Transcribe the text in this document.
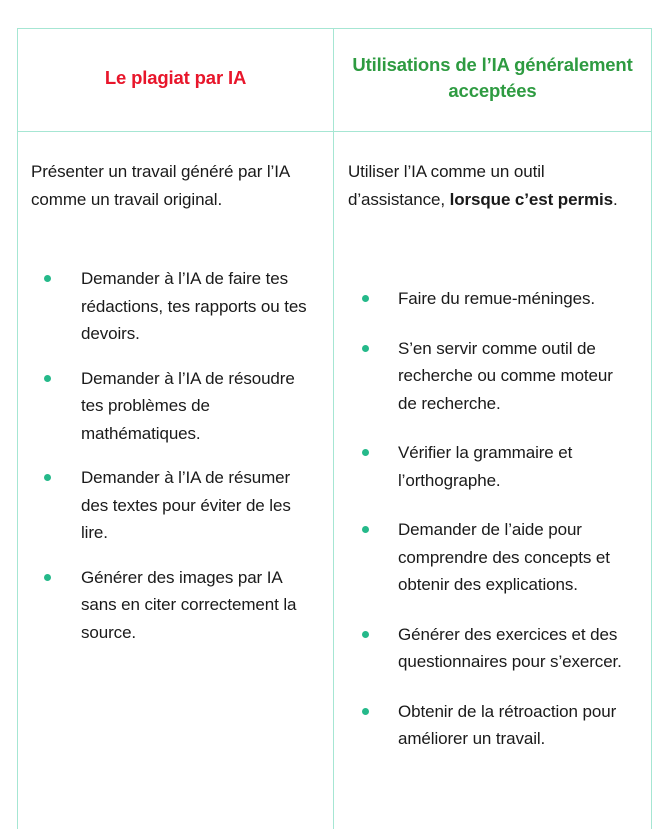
Le plagiat par IA	Utilisations de l’IA généralement acceptées

Présenter un travail généré par l’IA comme un travail original.

Demander à l’IA de faire tes rédactions, tes rapports ou tes devoirs.
Demander à l’IA de résoudre tes problèmes de mathématiques.
Demander à l’IA de résumer des textes pour éviter de les lire.
Générer des images par IA sans en citer correctement la source.

Utiliser l’IA comme un outil d’assistance, lorsque c’est permis.

Faire du remue-méninges.
S’en servir comme outil de recherche ou comme moteur de recherche.
Vérifier la grammaire et l’orthographe.
Demander de l’aide pour comprendre des concepts et obtenir des explications.
Générer des exercices et des questionnaires pour s’exercer.
Obtenir de la rétroaction pour améliorer un travail.
